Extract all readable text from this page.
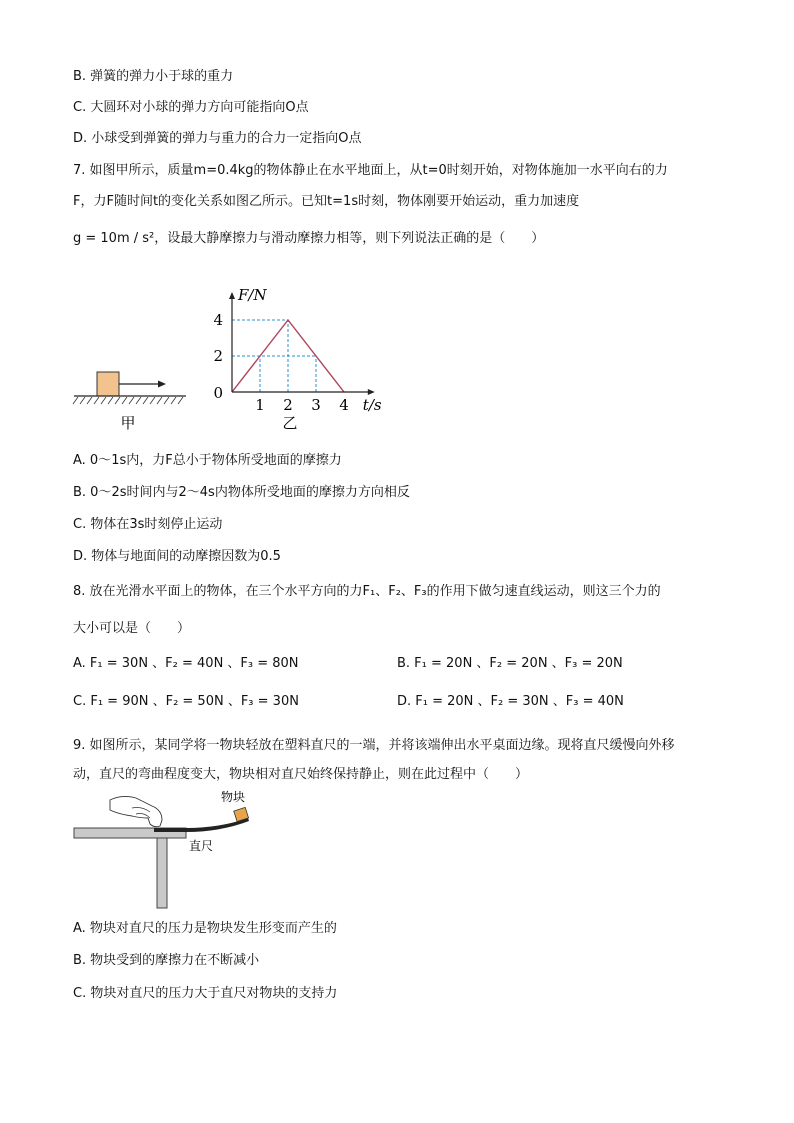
B. 弹簧的弹力小于球的重力
C. 大圆环对小球的弹力方向可能指向O点
D. 小球受到弹簧的弹力与重力的合力一定指向O点
7. 如图甲所示，质量m=0.4kg的物体静止在水平地面上，从t=0时刻开始，对物体施加一水平向右的力
F，力F随时间t的变化关系如图乙所示。已知t=1s时刻，物体刚要开始运动，重力加速度
g = 10m / s²，设最大静摩擦力与滑动摩擦力相等，则下列说法正确的是（　　）
甲
1 2 3 4
0
2
4
F/N
t/s
乙
A. 0～1s内，力F总小于物体所受地面的摩擦力
B. 0～2s时间内与2～4s内物体所受地面的摩擦力方向相反
C. 物体在3s时刻停止运动
D. 物体与地面间的动摩擦因数为0.5
8. 放在光滑水平面上的物体，在三个水平方向的力F₁、F₂、F₃的作用下做匀速直线运动，则这三个力的
大小可以是（　　）
A. F₁ = 30N 、F₂ = 40N 、F₃ = 80N	B. F₁ = 20N 、F₂ = 20N 、F₃ = 20N
C. F₁ = 90N 、F₂ = 50N 、F₃ = 30N	D. F₁ = 20N 、F₂ = 30N 、F₃ = 40N
9. 如图所示，某同学将一物块轻放在塑料直尺的一端，并将该端伸出水平桌面边缘。现将直尺缓慢向外移
动，直尺的弯曲程度变大，物块相对直尺始终保持静止，则在此过程中（　　）
物块
直尺
A. 物块对直尺的压力是物块发生形变而产生的
B. 物块受到的摩擦力在不断减小
C. 物块对直尺的压力大于直尺对物块的支持力
